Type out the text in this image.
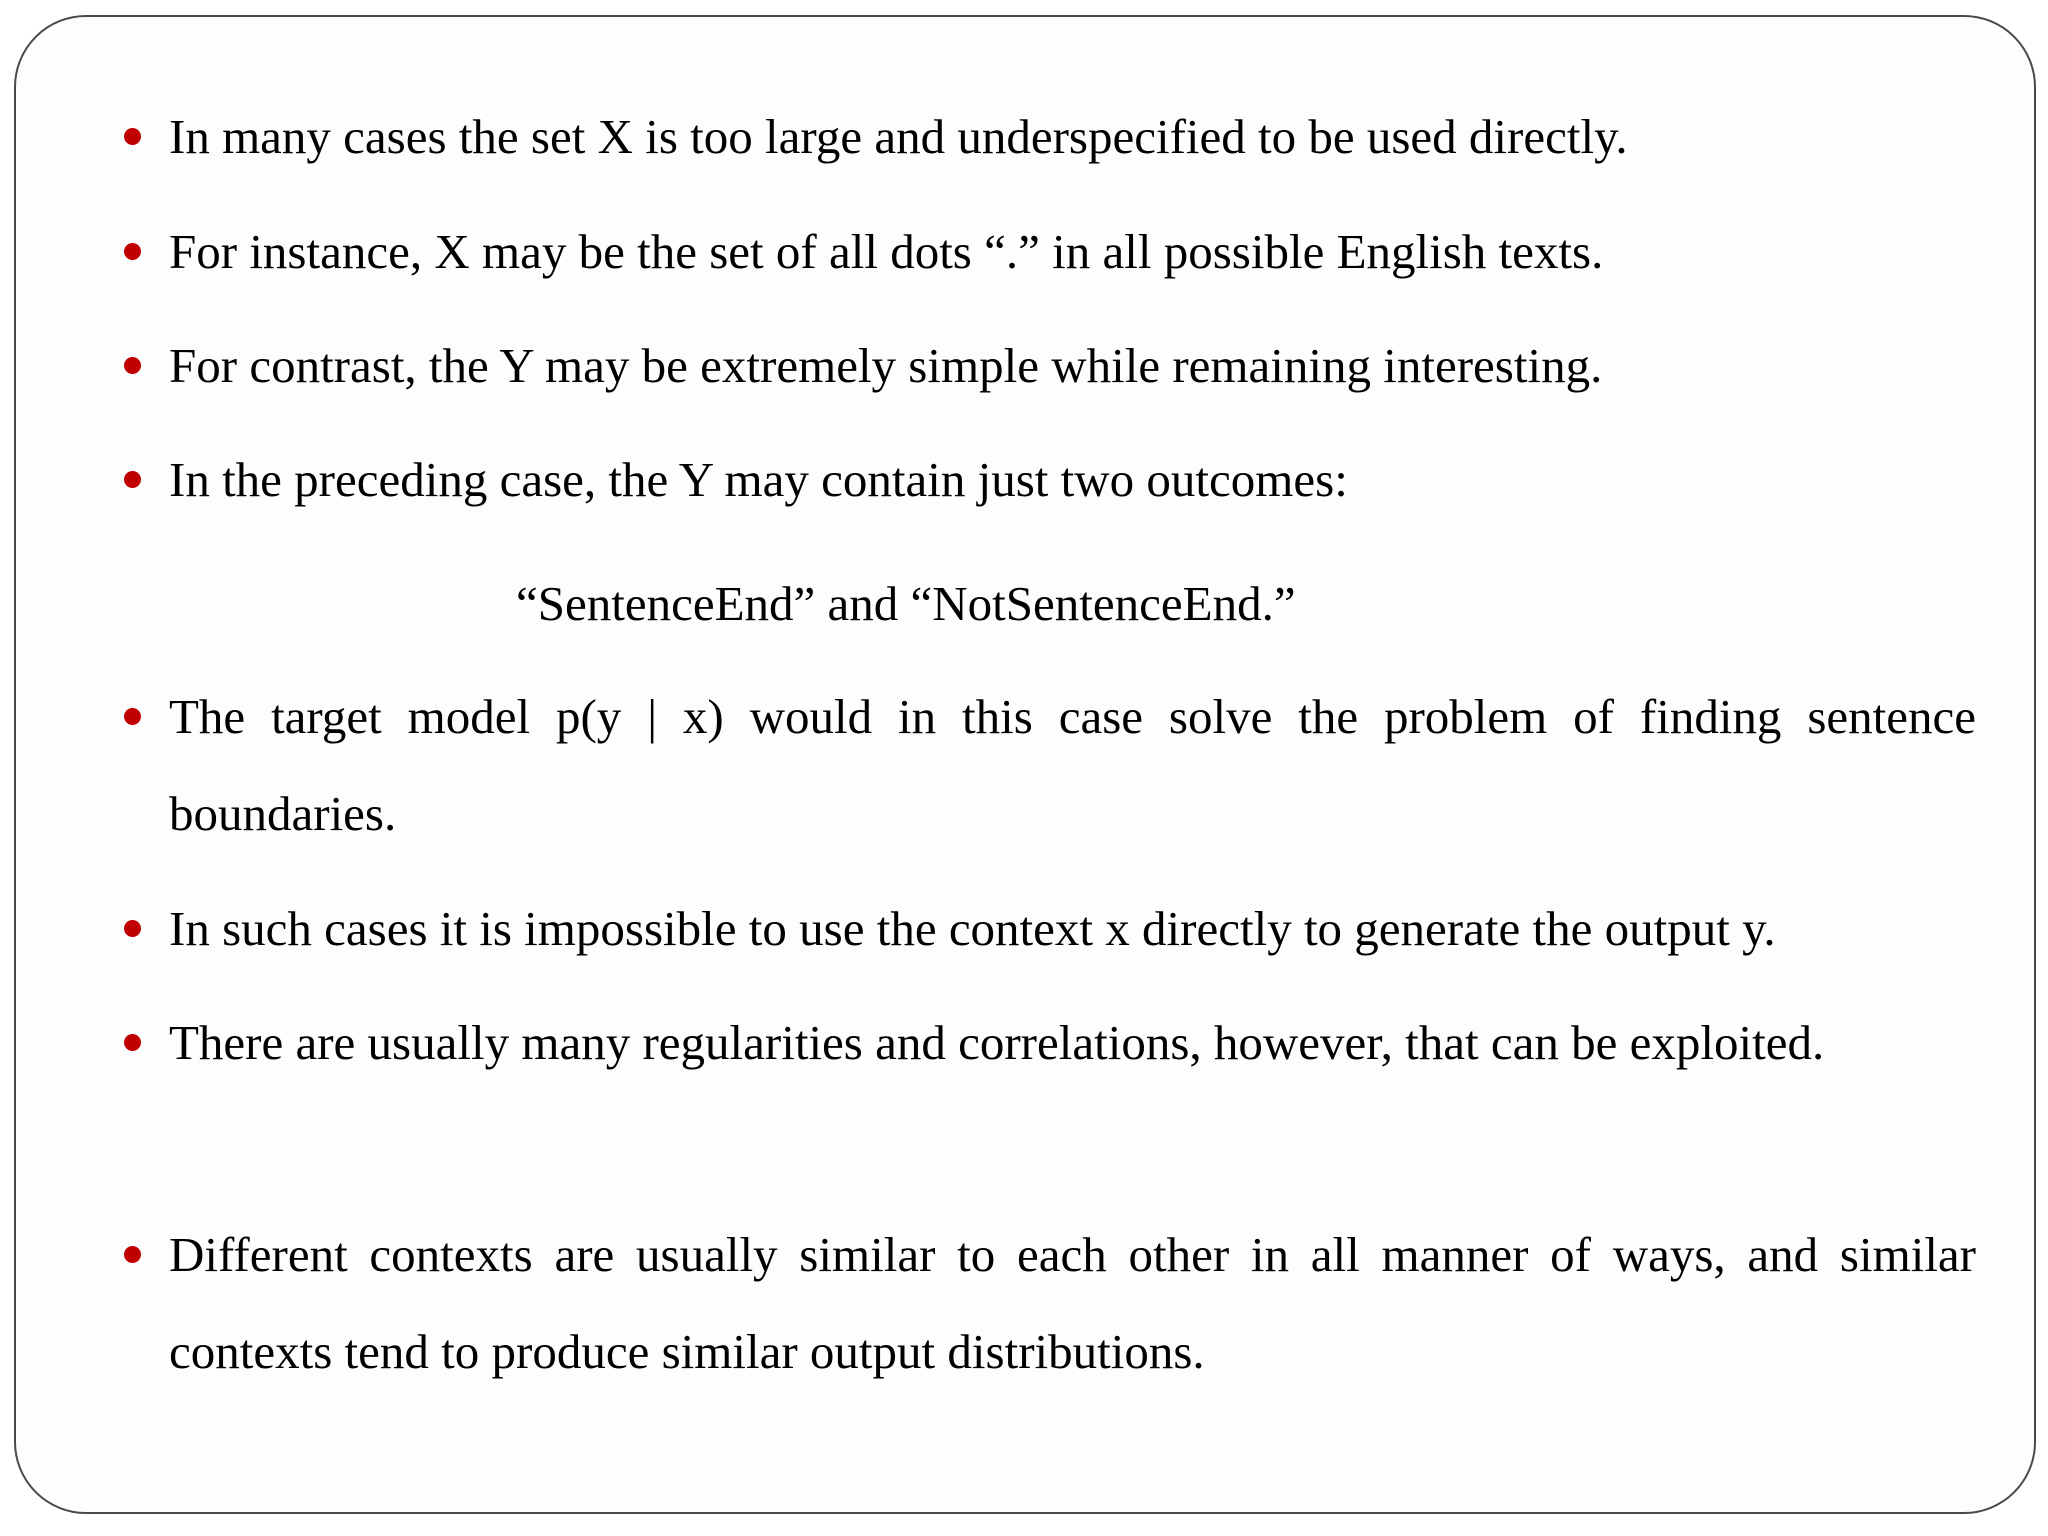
In many cases the set X is too large and underspecified to be used directly.
For instance, X may be the set of all dots “.” in all possible English texts.
For contrast, the Y may be extremely simple while remaining interesting.
In the preceding case, the Y may contain just two outcomes:
“SentenceEnd” and “NotSentenceEnd.”
The target model p(y | x) would in this case solve the problem of finding sentence boundaries.
In such cases it is impossible to use the context x directly to generate the output y.
There are usually many regularities and correlations, however, that can be exploited.
Different contexts are usually similar to each other in all manner of ways, and similar contexts tend to produce similar output distributions.
